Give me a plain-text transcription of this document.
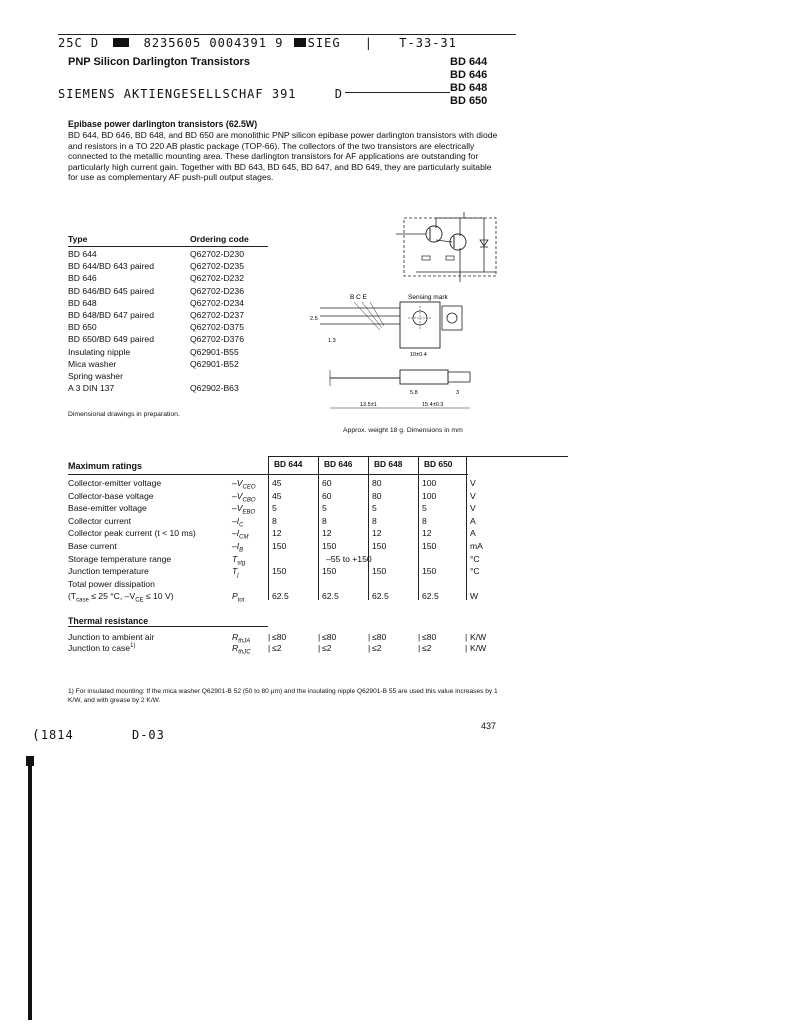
25C D	8235605 0004391 9 SIEG | T-33-31
PNP Silicon Darlington Transistors	BD 644
BD 646
BD 648
BD 650
SIEMENS AKTIENGESELLSCHAF 391	D
Epibase power darlington transistors (62.5W)
BD 644, BD 646, BD 648, and BD 650 are monolithic PNP silicon epibase power darlington transistors with diode and resistors in a TO 220 AB plastic package (TOP-66). The collectors of the two transistors are electrically connected to the metallic mounting area. These darlington transistors for AF applications are outstanding for particularly high current gain. Together with BD 643, BD 645, BD 647, and BD 649, they are particularly suitable for use as complementary AF push-pull output stages.
Type	Ordering code
BD 644	Q62702-D230
BD 644/BD 643 paired	Q62702-D235
BD 646	Q62702-D232
BD 646/BD 645 paired	Q62702-D236
BD 648	Q62702-D234
BD 648/BD 647 paired	Q62702-D237
BD 650	Q62702-D375
BD 650/BD 649 paired	Q62702-D376
Insulating nipple	Q62901-B55
Mica washer	Q62901-B52
Spring washer
A 3 DIN 137	Q62902-B63
Dimensional drawings in preparation.
B C E	Sensing mark
10±0.4
2.5
1.3
13.5±1	15.4±0.3
5.8	3
Approx. weight 18 g. Dimensions in mm
Maximum ratings	BD 644	BD 646	BD 648	BD 650
Collector-emitter voltage	$-V_{CEO}$ 45	60	80	100	V
Collector-base voltage	$-V_{CBO}$ 45	60	80	100	V
Base-emitter voltage	$-V_{EBO}$ 5	5	5	5	V
Collector current	$-I_C$	8	8	8	8	A
Collector peak current (t < 10 ms)	$-I_{CM}$	12	12	12	12	A
Base current	$-I_B$	150	150	150	150	mA
Storage temperature range	$T_{stg}$	–55 to +150	°C
Junction temperature	$T_j$	150	150	150	150	°C
Total power dissipation
($T_{case} \le 25$ °C, $-V_{CE} \le 10$ V)	$P_{tot}$	62.5	62.5	62.5	62.5	W
Thermal resistance
Junction to ambient air	$R_{thJA}$ | ≤80	| ≤80	| ≤80	| ≤80	| K/W
Junction to case$^{1)}$	$R_{thJC}$ | ≤2	| ≤2	| ≤2	| ≤2	| K/W
1) For insulated mounting: If the mica washer Q62901-B 52 (50 to 80 µm) and the insulating nipple Q62901-B 55 are used this value increases by 1 K/W, and with grease by 2 K/W.
(1814	D-03
437
